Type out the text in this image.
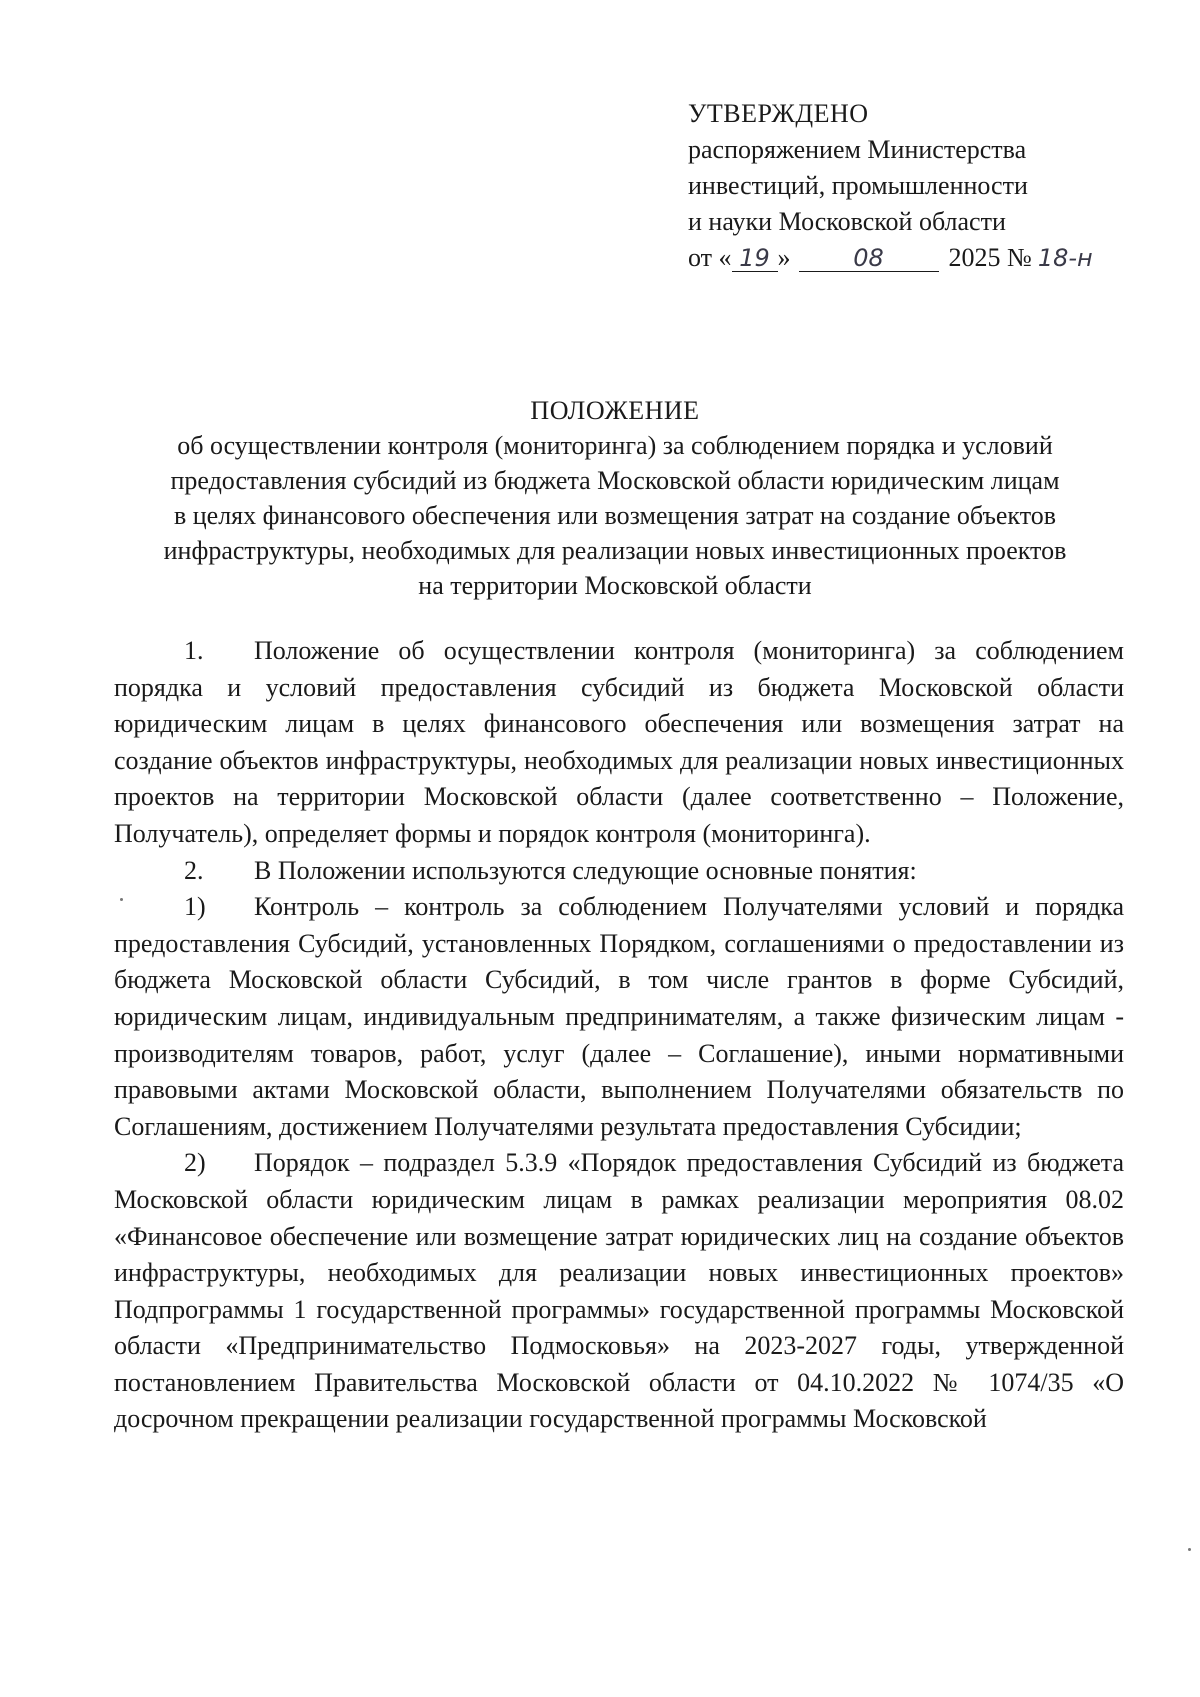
УТВЕРЖДЕНО
распоряжением Министерства
инвестиций, промышленности
и науки Московской области
от « 19 »	08 2025 № 18-н
ПОЛОЖЕНИЕ
об осуществлении контроля (мониторинга) за соблюдением порядка и условий
предоставления субсидий из бюджета Московской области юридическим лицам
в целях финансового обеспечения или возмещения затрат на создание объектов
инфраструктуры, необходимых для реализации новых инвестиционных проектов
на территории Московской области

1. Положение об осуществлении контроля (мониторинга) за соблюдением порядка и условий предоставления субсидий из бюджета Московской области юридическим лицам в целях финансового обеспечения или возмещения затрат на создание объектов инфраструктуры, необходимых для реализации новых инвестиционных проектов на территории Московской области (далее соответственно – Положение, Получатель), определяет формы и порядок контроля (мониторинга).

2. В Положении используются следующие основные понятия:

1) Контроль – контроль за соблюдением Получателями условий и порядка предоставления Субсидий, установленных Порядком, соглашениями о предоставлении из бюджета Московской области Субсидий, в том числе грантов в форме Субсидий, юридическим лицам, индивидуальным предпринимателям, а также физическим лицам - производителям товаров, работ, услуг (далее – Соглашение), иными нормативными правовыми актами Московской области, выполнением Получателями обязательств по Соглашениям, достижением Получателями результата предоставления Субсидии;

2) Порядок – подраздел 5.3.9 «Порядок предоставления Субсидий из бюджета Московской области юридическим лицам в рамках реализации мероприятия 08.02 «Финансовое обеспечение или возмещение затрат юридических лиц на создание объектов инфраструктуры, необходимых для реализации новых инвестиционных проектов» Подпрограммы 1 государственной программы» государственной программы Московской области «Предпринимательство Подмосковья» на 2023-2027 годы, утвержденной постановлением Правительства Московской области от 04.10.2022 № 1074/35 «О досрочном прекращении реализации государственной программы Московской
